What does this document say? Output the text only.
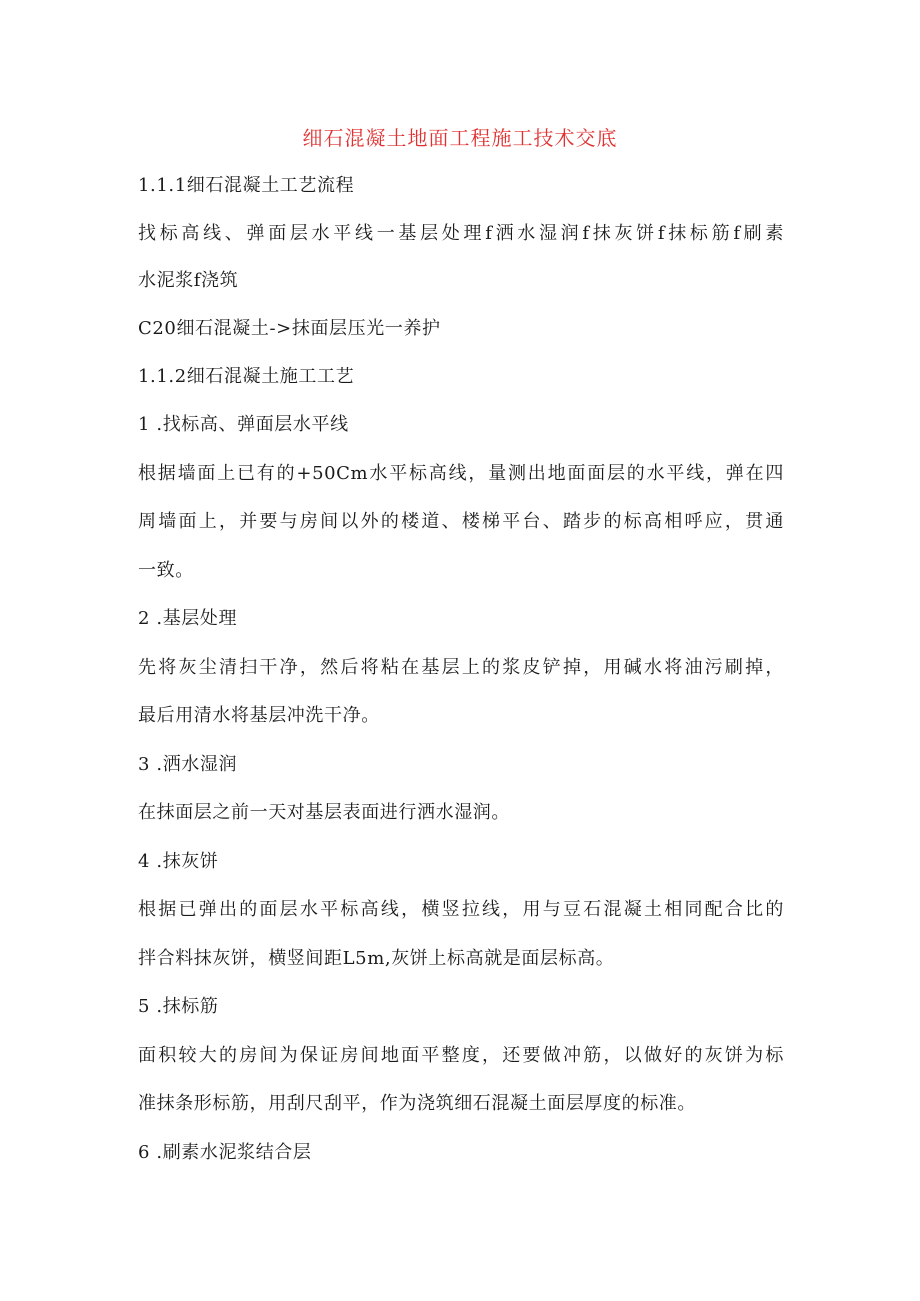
细石混凝土地面工程施工技术交底
1.1.1细石混凝土工艺流程
找标高线、弹面层水平线一基层处理f洒水湿润f抹灰饼f抹标筋f刷素
水泥浆f浇筑
C20细石混凝土->抹面层压光一养护
1.1.2细石混凝土施工工艺
1 .找标高、弹面层水平线
根据墙面上已有的+50Cm水平标高线，量测出地面面层的水平线，弹在四
周墙面上，并要与房间以外的楼道、楼梯平台、踏步的标高相呼应，贯通
一致。
2 .基层处理
先将灰尘清扫干净，然后将粘在基层上的浆皮铲掉，用碱水将油污刷掉，
最后用清水将基层冲洗干净。
3 .洒水湿润
在抹面层之前一天对基层表面进行洒水湿润。
4 .抹灰饼
根据已弹出的面层水平标高线，横竖拉线，用与豆石混凝土相同配合比的
拌合料抹灰饼，横竖间距L5m,灰饼上标高就是面层标高。
5 .抹标筋
面积较大的房间为保证房间地面平整度，还要做冲筋，以做好的灰饼为标
准抹条形标筋，用刮尺刮平，作为浇筑细石混凝土面层厚度的标准。
6 .刷素水泥浆结合层
